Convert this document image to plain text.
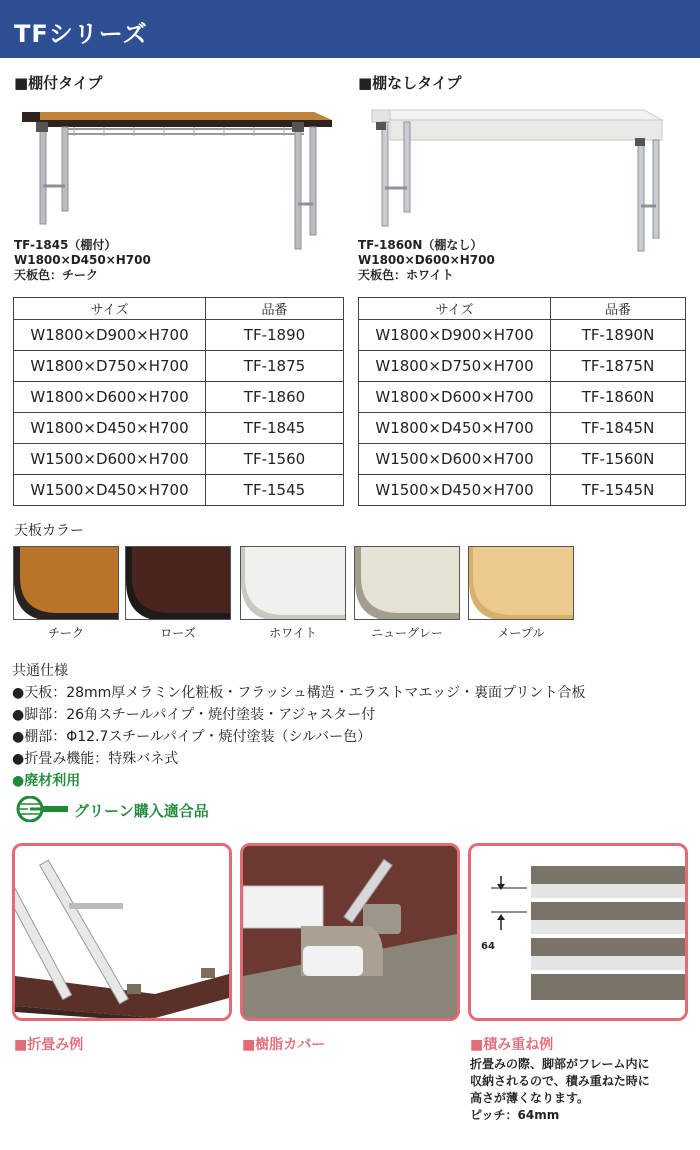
TFシリーズ
■棚付タイプ
TF-1845（棚付）
W1800×D450×H700
天板色：チーク
サイズ	品番
W1800×D900×H700	TF-1890
W1800×D750×H700	TF-1875
W1800×D600×H700	TF-1860
W1800×D450×H700	TF-1845
W1500×D600×H700	TF-1560
W1500×D450×H700	TF-1545
■棚なしタイプ
TF-1860N（棚なし）
W1800×D600×H700
天板色：ホワイト
サイズ	品番
W1800×D900×H700	TF-1890N
W1800×D750×H700	TF-1875N
W1800×D600×H700	TF-1860N
W1800×D450×H700	TF-1845N
W1500×D600×H700	TF-1560N
W1500×D450×H700	TF-1545N
天板カラー
チーク	ローズ	ホワイト	ニューグレー	メープル
共通仕様
●天板：28mm厚メラミン化粧板・フラッシュ構造・エラストマエッジ・裏面プリント合板
●脚部：26角スチールパイプ・焼付塗装・アジャスター付
●棚部：Φ12.7スチールパイプ・焼付塗装（シルバー色）
●折畳み機能：特殊バネ式
●廃材利用
グリーン購入適合品
64
■折畳み例	■樹脂カバー	■積み重ね例
折畳みの際、脚部がフレーム内に
収納されるので、積み重ねた時に
高さが薄くなります。
ピッチ：64mm
